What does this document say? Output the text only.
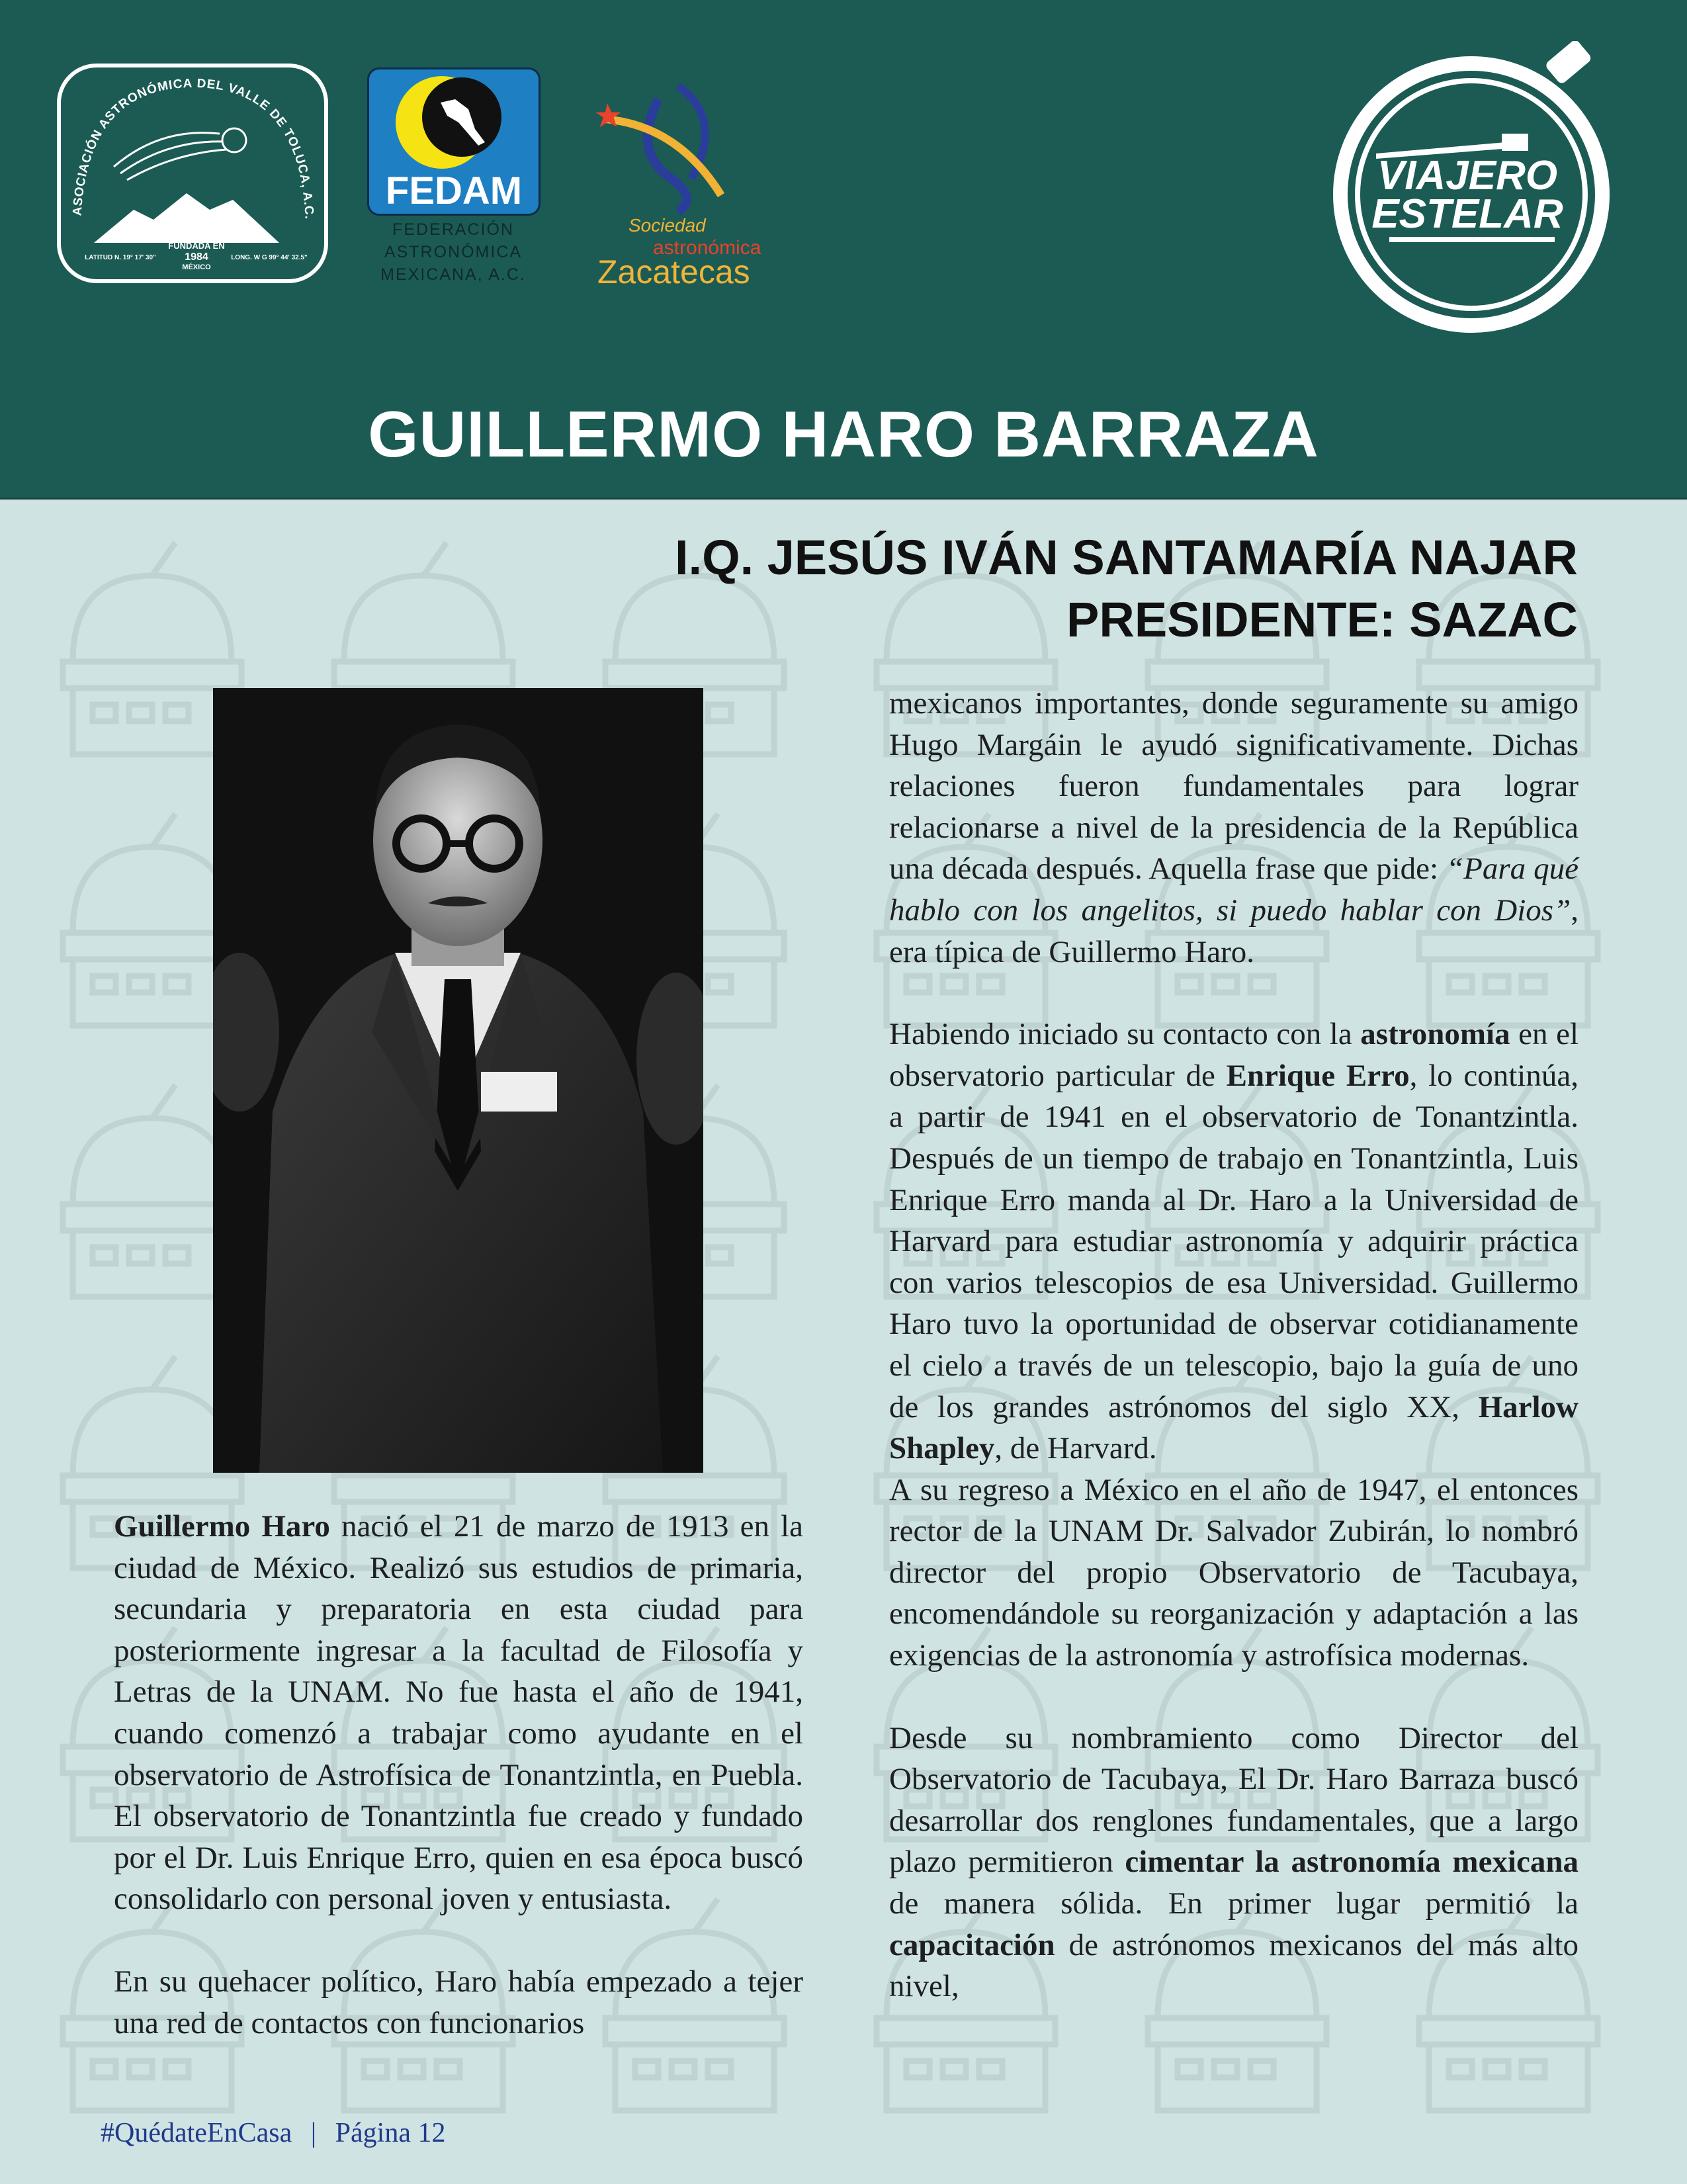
ASOCIACIÓN ASTRONÓMICA DEL VALLE DE TOLUCA, A.C.
FUNDADA EN
1984
MÉXICO
LATITUD N. 19° 17' 30"	LONG. W G 99° 44' 32.5"
FEDAM
FEDERACIÓN
ASTRONÓMICA
MEXICANA, A.C.
Sociedad
astronómica
Zacatecas
VIAJERO
ESTELAR
GUILLERMO HARO BARRAZA
I.Q. JESÚS IVÁN SANTAMARÍA NAJAR
PRESIDENTE: SAZAC

Guillermo Haro nació el 21 de marzo de 1913 en la ciudad de México. Realizó sus estudios de primaria, secundaria y preparatoria en esta ciudad para posteriormente ingresar a la facultad de Filosofía y Letras de la UNAM. No fue hasta el año de 1941, cuando comenzó a trabajar como ayudante en el observatorio de Astrofísica de Tonantzintla, en Puebla. El observatorio de Tonantzintla fue creado y fundado por el Dr. Luis Enrique Erro, quien en esa época buscó consolidarlo con personal joven y entusiasta.

En su quehacer político, Haro había empezado a tejer una red de contactos con funcionarios

mexicanos importantes, donde seguramente su amigo Hugo Margáin le ayudó significativamente. Dichas relaciones fueron fundamentales para lograr relacionarse a nivel de la presidencia de la República una década después. Aquella frase que pide: “Para qué hablo con los angelitos, si puedo hablar con Dios”, era típica de Guillermo Haro.

Habiendo iniciado su contacto con la astronomía en el observatorio particular de Enrique Erro, lo continúa, a partir de 1941 en el observatorio de Tonantzintla. Después de un tiempo de trabajo en Tonantzintla, Luis Enrique Erro manda al Dr. Haro a la Universidad de Harvard para estudiar astronomía y adquirir práctica con varios telescopios de esa Universidad. Guillermo Haro tuvo la oportunidad de observar cotidianamente el cielo a través de un telescopio, bajo la guía de uno de los grandes astrónomos del siglo XX, Harlow Shapley, de Harvard.

A su regreso a México en el año de 1947, el entonces rector de la UNAM Dr. Salvador Zubirán, lo nombró director del propio Observatorio de Tacubaya, encomendándole su reorganización y adaptación a las exigencias de la astronomía y astrofísica modernas.

Desde su nombramiento como Director del Observatorio de Tacubaya, El Dr. Haro Barraza buscó desarrollar dos renglones fundamentales, que a largo plazo permitieron cimentar la astronomía mexicana de manera sólida. En primer lugar permitió la capacitación de astrónomos mexicanos del más alto nivel,

#QuédateEnCasa | Página 12
